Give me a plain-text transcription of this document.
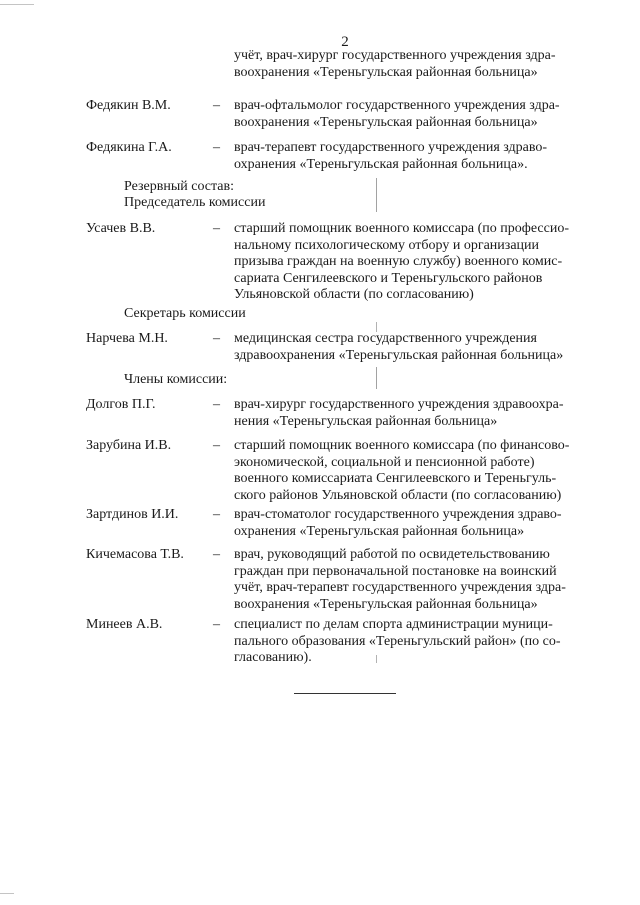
2
учёт, врач-хирург государственного учреждения здра-
воохранения «Тереньгульская районная больница»
Федякин В.М.	– врач-офтальмолог государственного учреждения здра-
воохранения «Тереньгульская районная больница»
Федякина Г.А.	– врач-терапевт государственного учреждения здраво-
охранения «Тереньгульская районная больница».
Резервный состав:
Председатель комиссии
Усачев В.В.	– старший помощник военного комиссара (по профессио-
нальному психологическому отбору и организации
призыва граждан на военную службу) военного комис-
сариата Сенгилеевского и Тереньгульского районов
Ульяновской области (по согласованию)
Секретарь комиссии
Нарчева М.Н.	– медицинская сестра государственного учреждения
здравоохранения «Тереньгульская районная больница»
Члены комиссии:
Долгов П.Г.	– врач-хирург государственного учреждения здравоохра-
нения «Тереньгульская районная больница»
Зарубина И.В.	– старший помощник военного комиссара (по финансово-
экономической, социальной и пенсионной работе)
военного комиссариата Сенгилеевского и Тереньгуль-
ского районов Ульяновской области (по согласованию)
Зартдинов И.И. – врач-стоматолог государственного учреждения здраво-
охранения «Тереньгульская районная больница»
Кичемасова Т.В. – врач, руководящий работой по освидетельствованию
граждан при первоначальной постановке на воинский
учёт, врач-терапевт государственного учреждения здра-
воохранения «Тереньгульская районная больница»
Минеев А.В.	– специалист по делам спорта администрации муници-
пального образования «Тереньгульский район» (по со-
гласованию).
